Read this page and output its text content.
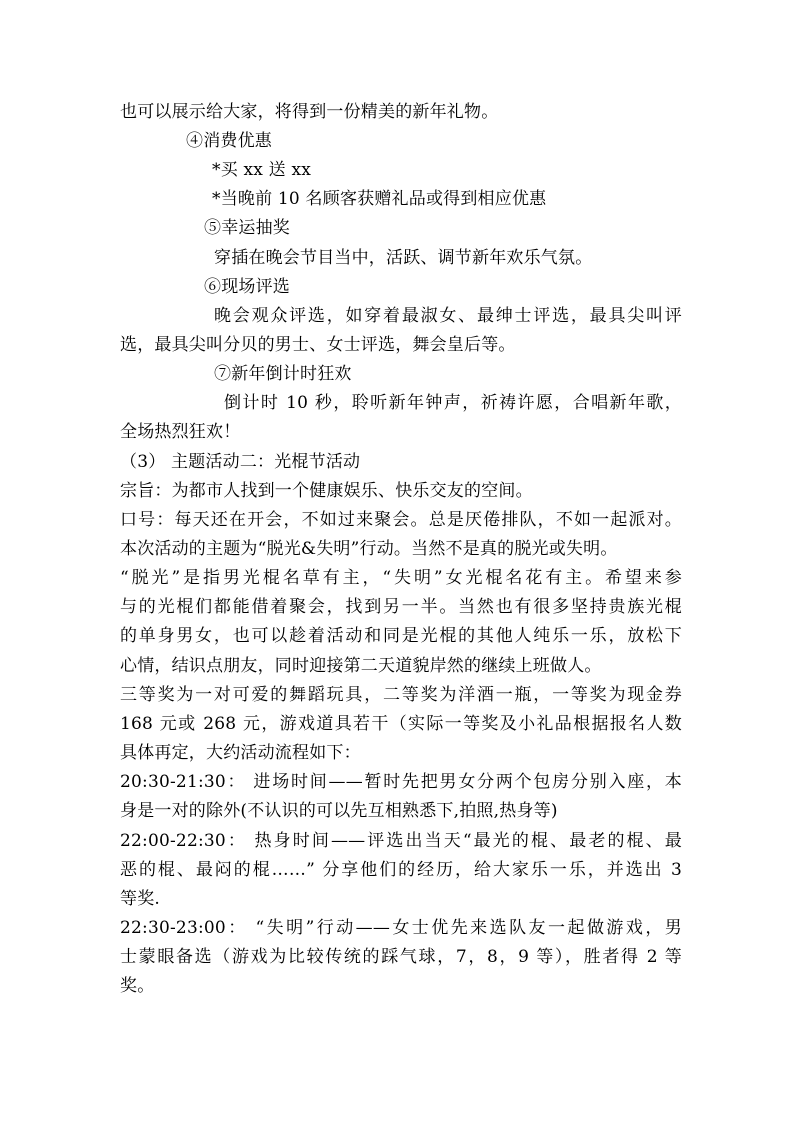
也可以展示给大家，将得到一份精美的新年礼物。
④消费优惠
*买 xx 送 xx
*当晚前 10 名顾客获赠礼品或得到相应优惠
⑤幸运抽奖
穿插在晚会节目当中，活跃、调节新年欢乐气氛。
⑥现场评选
晚会观众评选，如穿着最淑女、最绅士评选，最具尖叫评
选，最具尖叫分贝的男士、女士评选，舞会皇后等。
⑦新年倒计时狂欢
倒计时 10 秒，聆听新年钟声，祈祷许愿，合唱新年歌，
全场热烈狂欢！
（3） 主题活动二：光棍节活动
宗旨：为都市人找到一个健康娱乐、快乐交友的空间。
口号：每天还在开会，不如过来聚会。总是厌倦排队，不如一起派对。
本次活动的主题为“脱光&失明”行动。当然不是真的脱光或失明。
“脱光”是指男光棍名草有主，“失明”女光棍名花有主。希望来参
与的光棍们都能借着聚会，找到另一半。当然也有很多坚持贵族光棍
的单身男女，也可以趁着活动和同是光棍的其他人纯乐一乐，放松下
心情，结识点朋友，同时迎接第二天道貌岸然的继续上班做人。
三等奖为一对可爱的舞蹈玩具，二等奖为洋酒一瓶，一等奖为现金券
168 元或 268 元，游戏道具若干（实际一等奖及小礼品根据报名人数
具体再定，大约活动流程如下：
20:30-21:30： 进场时间——暂时先把男女分两个包房分别入座，本
身是一对的除外(不认识的可以先互相熟悉下,拍照,热身等)
22:00-22:30： 热身时间——评选出当天“最光的棍、最老的棍、最
恶的棍、最闷的棍……” 分享他们的经历，给大家乐一乐，并选出 3
等奖.
22:30-23:00： “失明”行动——女士优先来选队友一起做游戏，男
士蒙眼备选（游戏为比较传统的踩气球，7，8，9 等），胜者得 2 等
奖。
